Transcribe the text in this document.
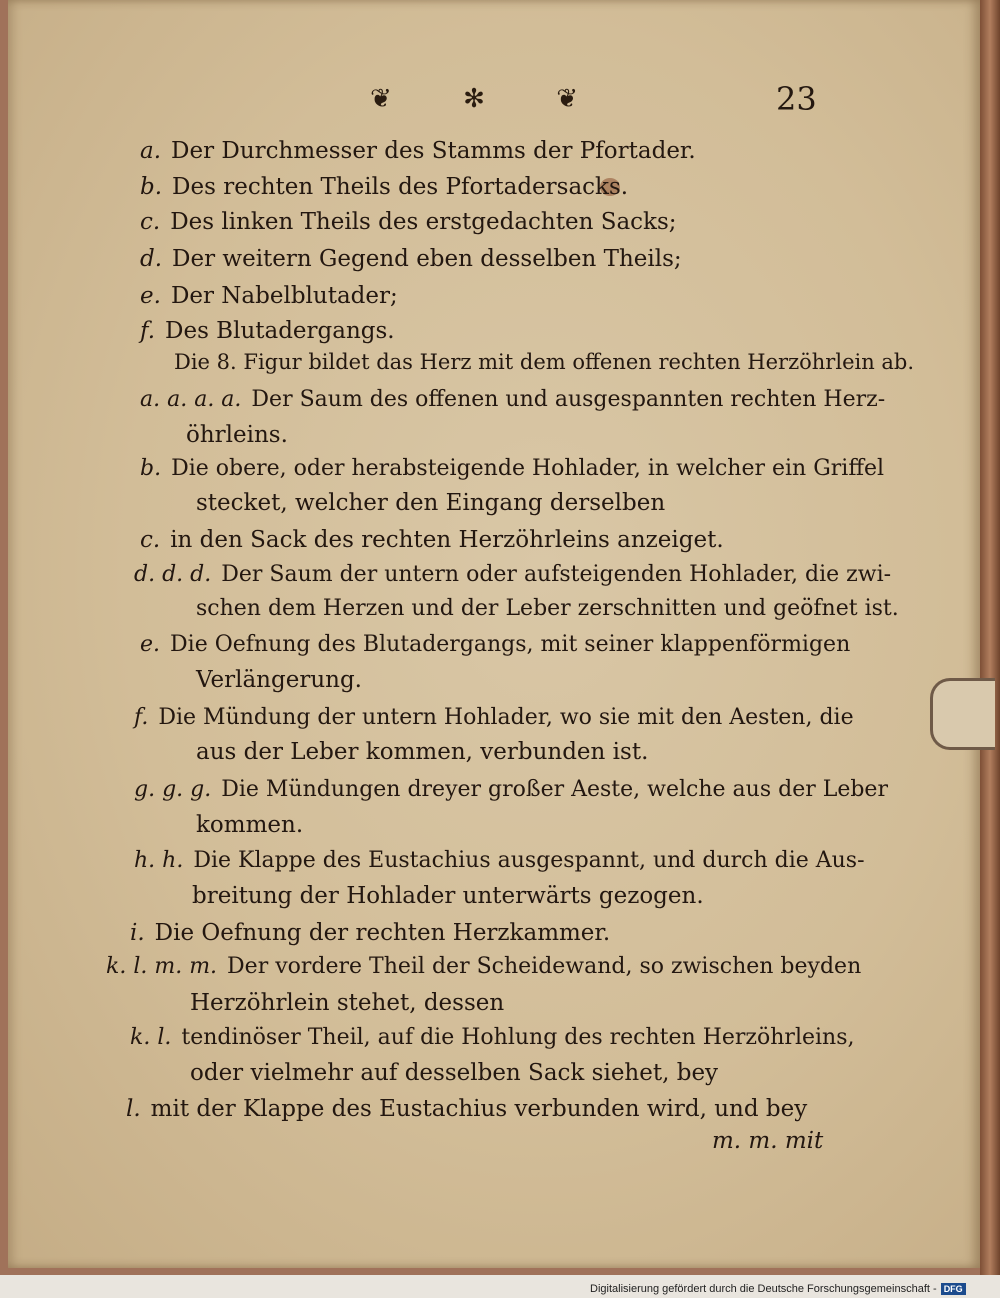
❦	✻	❦	23
a. Der Durchmesser des Stamms der Pfortader.
b. Des rechten Theils des Pfortadersacks.
c. Des linken Theils des erstgedachten Sacks;
d. Der weitern Gegend eben desselben Theils;
e. Der Nabelblutader;
f. Des Blutadergangs.
Die 8. Figur bildet das Herz mit dem offenen rechten Herzöhrlein ab.
a. a. a. a. Der Saum des offenen und ausgespannten rechten Herz-
öhrleins.
b. Die obere, oder herabsteigende Hohlader, in welcher ein Griffel
stecket, welcher den Eingang derselben
c. in den Sack des rechten Herzöhrleins anzeiget.
d. d. d. Der Saum der untern oder aufsteigenden Hohlader, die zwi-
schen dem Herzen und der Leber zerschnitten und geöfnet ist.
e. Die Oefnung des Blutadergangs, mit seiner klappenförmigen
Verlängerung.
f. Die Mündung der untern Hohlader, wo sie mit den Aesten, die
aus der Leber kommen, verbunden ist.
g. g. g. Die Mündungen dreyer großer Aeste, welche aus der Leber
kommen.
h. h. Die Klappe des Eustachius ausgespannt, und durch die Aus-
breitung der Hohlader unterwärts gezogen.
i. Die Oefnung der rechten Herzkammer.
k. l. m. m. Der vordere Theil der Scheidewand, so zwischen beyden
Herzöhrlein stehet, dessen
k. l. tendinöser Theil, auf die Hohlung des rechten Herzöhrleins,
oder vielmehr auf desselben Sack siehet, bey
l. mit der Klappe des Eustachius verbunden wird, und bey
m. m. mit
Digitalisierung gefördert durch die Deutsche Forschungsgemeinschaft - DFG
